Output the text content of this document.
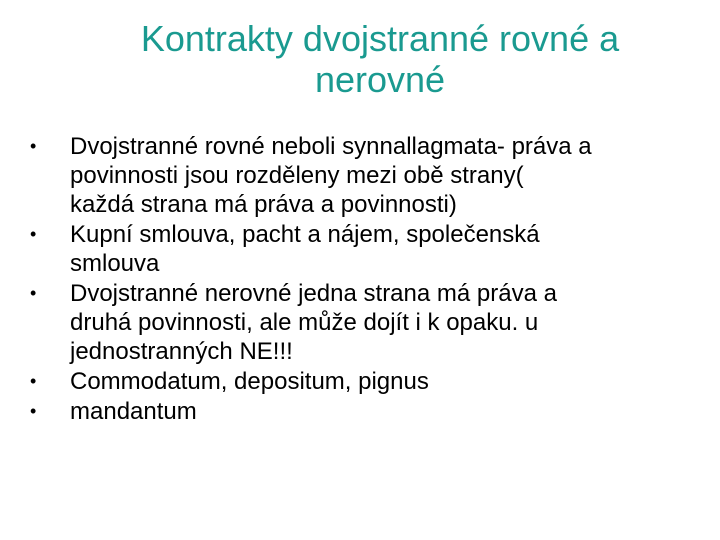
Kontrakty dvojstranné rovné a
nerovné
• Dvojstranné rovné neboli synnallagmata- práva a
povinnosti jsou rozděleny mezi obě strany(
každá strana má práva a povinnosti)
• Kupní smlouva, pacht a nájem, společenská
smlouva
• Dvojstranné nerovné jedna strana má práva a
druhá povinnosti, ale může dojít i k opaku. u
jednostranných NE!!!
• Commodatum, depositum, pignus
• mandantum
